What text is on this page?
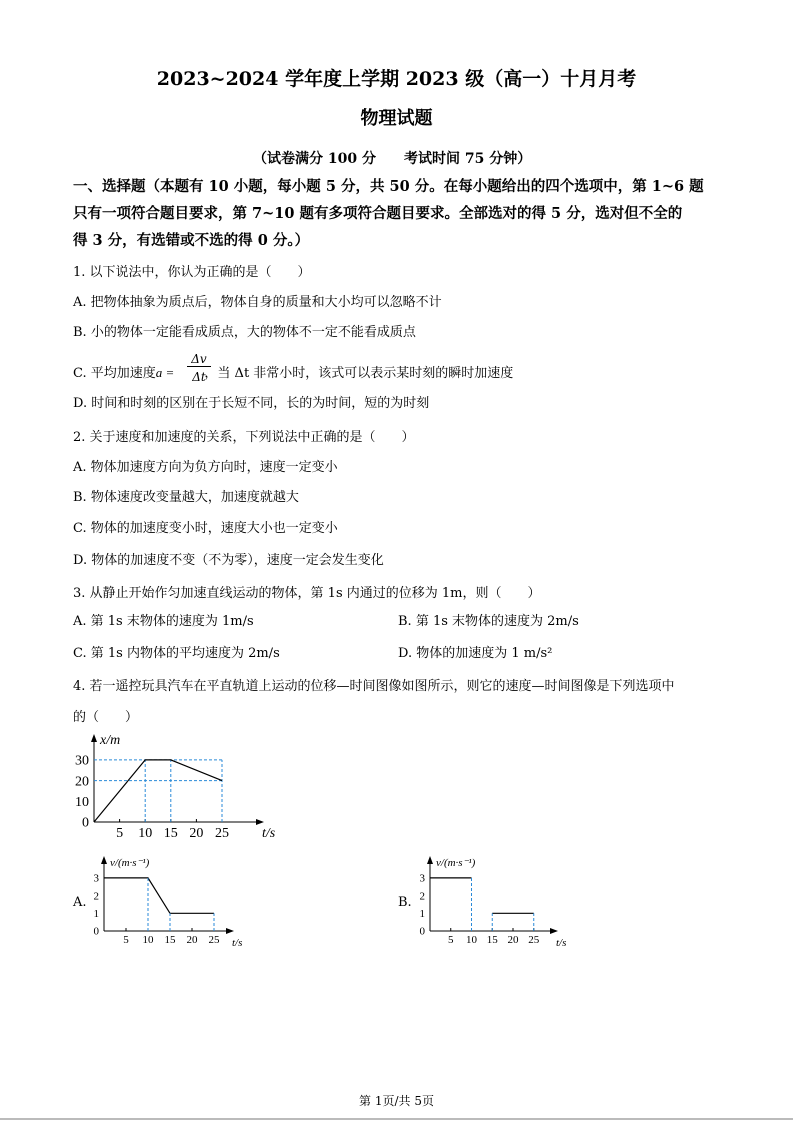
2023~2024 学年度上学期 2023 级（高一）十月月考
物理试题
（试卷满分 100 分　　考试时间 75 分钟）
一、选择题（本题有 10 小题，每小题 5 分，共 50 分。在每小题给出的四个选项中，第 1~6 题
只有一项符合题目要求，第 7~10 题有多项符合题目要求。全部选对的得 5 分，选对但不全的
得 3 分，有选错或不选的得 0 分。）
1. 以下说法中，你认为正确的是（　　）
A. 把物体抽象为质点后，物体自身的质量和大小均可以忽略不计
B. 小的物体一定能看成质点，大的物体不一定不能看成质点
C. 平均加速度a = ，当 Δt 非常小时，该式可以表示某时刻的瞬时加速度
Δv
Δt
D. 时间和时刻的区别在于长短不同，长的为时间，短的为时刻
2. 关于速度和加速度的关系，下列说法中正确的是（　　）
A. 物体加速度方向为负方向时，速度一定变小
B. 物体速度改变量越大，加速度就越大
C. 物体的加速度变小时，速度大小也一定变小
D. 物体的加速度不变（不为零），速度一定会发生变化
3. 从静止开始作匀加速直线运动的物体，第 1s 内通过的位移为 1m，则（　　）
A. 第 1s 末物体的速度为 1m/s	B. 第 1s 末物体的速度为 2m/s
C. 第 1s 内物体的平均速度为 2m/s	D. 物体的加速度为 1 m/s²
4. 若一遥控玩具汽车在平直轨道上运动的位移—时间图像如图所示，则它的速度—时间图像是下列选项中
的（　　）
A.	B.
x/m
t/s
5 10 15 20 25
0
10
20
30
v/(m·s⁻¹)
t/s
5 10 15 20 25
0
1
2
3
v/(m·s⁻¹)
t/s
5 10 15 20 25
0
1
2
3
第 1页/共 5页
